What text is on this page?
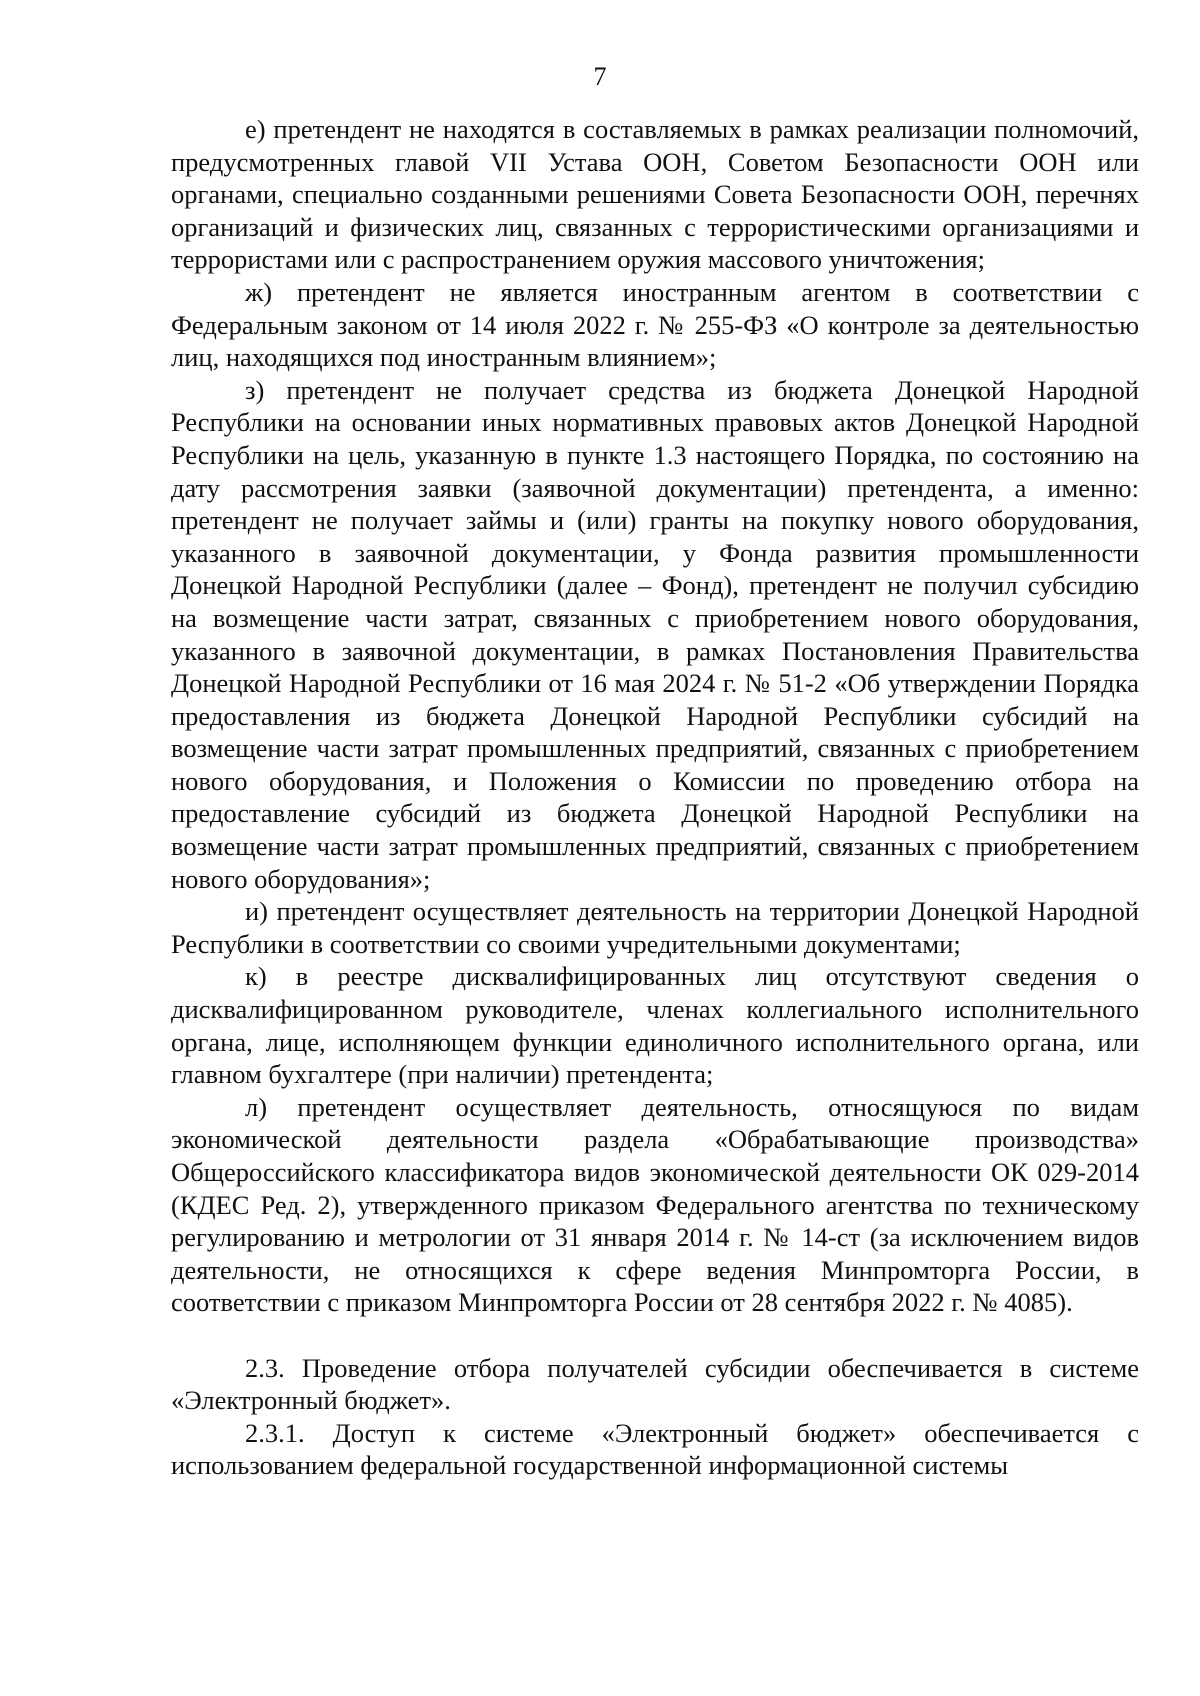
7

е) претендент не находятся в составляемых в рамках реализации полномочий, предусмотренных главой VII Устава ООН, Советом Безопасности ООН или органами, специально созданными решениями Совета Безопасности ООН, перечнях организаций и физических лиц, связанных с террористическими организациями и террористами или с распространением оружия массового уничтожения;

ж) претендент не является иностранным агентом в соответствии с Федеральным законом от 14 июля 2022 г. № 255-ФЗ «О контроле за деятельностью лиц, находящихся под иностранным влиянием»;

з) претендент не получает средства из бюджета Донецкой Народной Республики на основании иных нормативных правовых актов Донецкой Народной Республики на цель, указанную в пункте 1.3 настоящего Порядка, по состоянию на дату рассмотрения заявки (заявочной документации) претендента, а именно: претендент не получает займы и (или) гранты на покупку нового оборудования, указанного в заявочной документации, у Фонда развития промышленности Донецкой Народной Республики (далее – Фонд), претендент не получил субсидию на возмещение части затрат, связанных с приобретением нового оборудования, указанного в заявочной документации, в рамках Постановления Правительства Донецкой Народной Республики от 16 мая 2024 г. № 51-2 «Об утверждении Порядка предоставления из бюджета Донецкой Народной Республики субсидий на возмещение части затрат промышленных предприятий, связанных с приобретением нового оборудования, и Положения о Комиссии по проведению отбора на предоставление субсидий из бюджета Донецкой Народной Республики на возмещение части затрат промышленных предприятий, связанных с приобретением нового оборудования»;

и) претендент осуществляет деятельность на территории Донецкой Народной Республики в соответствии со своими учредительными документами;

к) в реестре дисквалифицированных лиц отсутствуют сведения о дисквалифицированном руководителе, членах коллегиального исполнительного органа, лице, исполняющем функции единоличного исполнительного органа, или главном бухгалтере (при наличии) претендента;

л) претендент осуществляет деятельность, относящуюся по видам экономической деятельности раздела «Обрабатывающие производства» Общероссийского классификатора видов экономической деятельности ОК 029-2014 (КДЕС Ред. 2), утвержденного приказом Федерального агентства по техническому регулированию и метрологии от 31 января 2014 г. № 14-ст (за исключением видов деятельности, не относящихся к сфере ведения Минпромторга России, в соответствии с приказом Минпромторга России от 28 сентября 2022 г. № 4085).

2.3. Проведение отбора получателей субсидии обеспечивается в системе «Электронный бюджет».

2.3.1. Доступ к системе «Электронный бюджет» обеспечивается с использованием федеральной государственной информационной системы
